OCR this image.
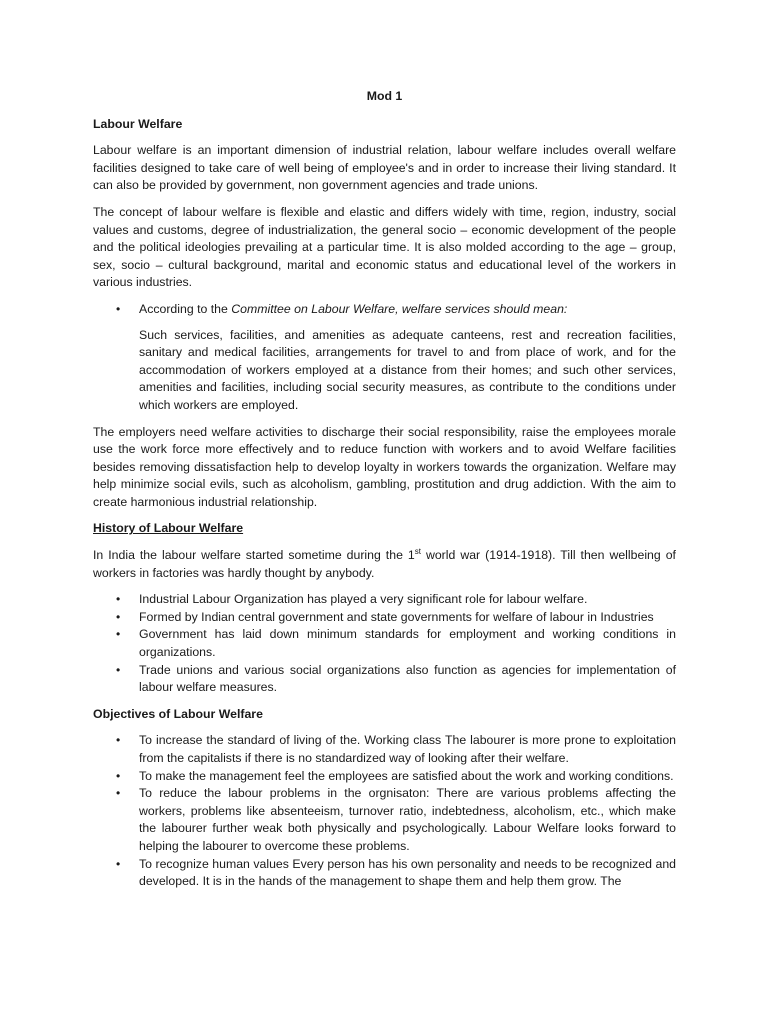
Mod 1
Labour Welfare

Labour welfare is an important dimension of industrial relation, labour welfare includes overall welfare facilities designed to take care of well being of employee's and in order to increase their living standard. It can also be provided by government, non government agencies and trade unions.

The concept of labour welfare is flexible and elastic and differs widely with time, region, industry, social values and customs, degree of industrialization, the general socio – economic development of the people and the political ideologies prevailing at a particular time. It is also molded according to the age – group, sex, socio – cultural background, marital and economic status and educational level of the workers in various industries.

• According to the Committee on Labour Welfare, welfare services should mean:

Such services, facilities, and amenities as adequate canteens, rest and recreation facilities, sanitary and medical facilities, arrangements for travel to and from place of work, and for the accommodation of workers employed at a distance from their homes; and such other services, amenities and facilities, including social security measures, as contribute to the conditions under which workers are employed.

The employers need welfare activities to discharge their social responsibility, raise the employees morale use the work force more effectively and to reduce function with workers and to avoid Welfare facilities besides removing dissatisfaction help to develop loyalty in workers towards the organization. Welfare may help minimize social evils, such as alcoholism, gambling, prostitution and drug addiction. With the aim to create harmonious industrial relationship.

History of Labour Welfare

In India the labour welfare started sometime during the 1st world war (1914-1918). Till then wellbeing of workers in factories was hardly thought by anybody.

• Industrial Labour Organization has played a very significant role for labour welfare.
• Formed by Indian central government and state governments for welfare of labour in Industries
• Government has laid down minimum standards for employment and working conditions in organizations.
• Trade unions and various social organizations also function as agencies for implementation of labour welfare measures.
Objectives of Labour Welfare
• To increase the standard of living of the. Working class The labourer is more prone to exploitation from the capitalists if there is no standardized way of looking after their welfare.
• To make the management feel the employees are satisfied about the work and working conditions.
• To reduce the labour problems in the orgnisaton: There are various problems affecting the workers, problems like absenteeism, turnover ratio, indebtedness, alcoholism, etc., which make the labourer further weak both physically and psychologically. Labour Welfare looks forward to helping the labourer to overcome these problems.
• To recognize human values Every person has his own personality and needs to be recognized and developed. It is in the hands of the management to shape them and help them grow. The
